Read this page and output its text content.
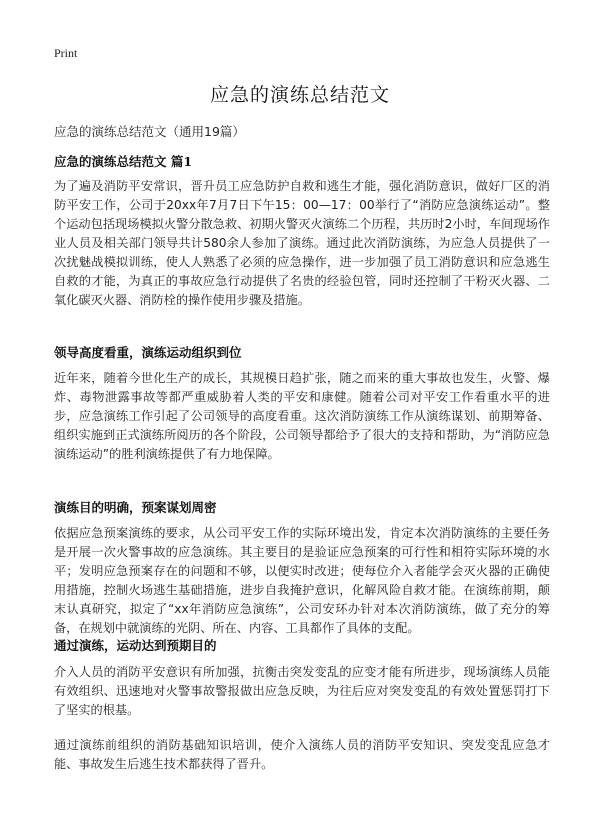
Print
应急的演练总结范文
应急的演练总结范文（通用19篇）
应急的演练总结范文 篇1

为了遍及消防平安常识，晋升员工应急防护自救和逃生才能，强化消防意识，做好厂区的消防平安工作，公司于20xx年7月7日下午15：00—17：00举行了“消防应急演练运动”。整个运动包括现场模拟火警分散急救、初期火警灭火演练二个历程，共历时2小时，车间现场作业人员及相关部门领导共计580余人参加了演练。通过此次消防演练，为应急人员提供了一次扰魅战模拟训练，使人人熟悉了必须的应急操作，进一步加强了员工消防意识和应急逃生自救的才能，为真正的事故应急行动提供了名贵的经验包管，同时还控制了干粉灭火器、二氧化碳灭火器、消防栓的操作使用步骤及措施。

领导高度看重，演练运动组织到位

近年来，随着今世化生产的成长，其规模日趋扩张，随之而来的重大事故也发生，火警、爆炸、毒物泄露事故等都严重威胁着人类的平安和康健。随着公司对平安工作看重水平的进步，应急演练工作引起了公司领导的高度看重。这次消防演练工作从演练谋划、前期筹备、组织实施到正式演练所阅历的各个阶段，公司领导都给予了很大的支持和帮助，为“消防应急演练运动”的胜利演练提供了有力地保障。

演练目的明确，预案谋划周密

依据应急预案演练的要求，从公司平安工作的实际环境出发，肯定本次消防演练的主要任务是开展一次火警事故的应急演练。其主要目的是验证应急预案的可行性和相符实际环境的水平；发明应急预案存在的问题和不够，以便实时改进；使每位介入者能学会灭火器的正确使用措施，控制火场逃生基础措施，进步自我掩护意识，化解风险自救才能。在演练前期，颠末认真研究，拟定了“xx年消防应急演练”，公司安环办针对本次消防演练，做了充分的筹备，在规划中就演练的光阴、所在、内容、工具都作了具体的支配。

通过演练，运动达到预期目的

介入人员的消防平安意识有所加强，抗衡击突发变乱的应变才能有所进步，现场演练人员能有效组织、迅速地对火警事故警报做出应急反映，为往后应对突发变乱的有效处置惩罚打下了坚实的根基。

通过演练前组织的消防基础知识培训，使介入演练人员的消防平安知识、突发变乱应急才能、事故发生后逃生技术都获得了晋升。
